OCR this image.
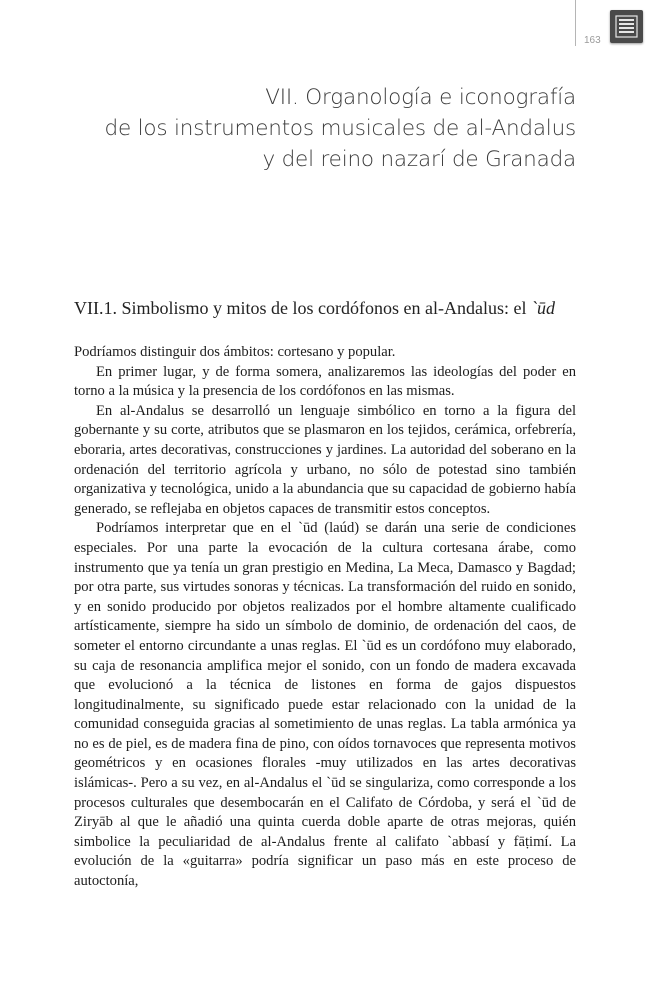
163
VII. Organología e iconografía
de los instrumentos musicales de al-Andalus
y del reino nazarí de Granada
VII.1. Simbolismo y mitos de los cordófonos en al-Andalus: el `ūd

Podríamos distinguir dos ámbitos: cortesano y popular.

En primer lugar, y de forma somera, analizaremos las ideologías del poder en torno a la música y la presencia de los cordófonos en las mismas.

En al-Andalus se desarrolló un lenguaje simbólico en torno a la figura del gobernante y su corte, atributos que se plasmaron en los tejidos, cerámica, orfebrería, eboraria, artes decorativas, construcciones y jardines. La autoridad del soberano en la ordenación del territorio agrícola y urbano, no sólo de potestad sino también organizativa y tecnológica, unido a la abundancia que su capacidad de gobierno había generado, se reflejaba en objetos capaces de transmitir estos conceptos.

Podríamos interpretar que en el `ūd (laúd) se darán una serie de condiciones especiales. Por una parte la evocación de la cultura cortesana árabe, como instrumento que ya tenía un gran prestigio en Medina, La Meca, Damasco y Bagdad; por otra parte, sus virtudes sonoras y técnicas. La transformación del ruido en sonido, y en sonido producido por objetos realizados por el hombre altamente cualificado artísticamente, siempre ha sido un símbolo de dominio, de ordenación del caos, de someter el entorno circundante a unas reglas. El `ūd es un cordófono muy elaborado, su caja de resonancia amplifica mejor el sonido, con un fondo de madera excavada que evolucionó a la técnica de listones en forma de gajos dispuestos longitudinalmente, su significado puede estar relacionado con la unidad de la comunidad conseguida gracias al sometimiento de unas reglas. La tabla armónica ya no es de piel, es de madera fina de pino, con oídos tornavoces que representa motivos geométricos y en ocasiones florales -muy utilizados en las artes decorativas islámicas-. Pero a su vez, en al-Andalus el `ūd se singulariza, como corresponde a los procesos culturales que desembocarán en el Califato de Córdoba, y será el `ūd de Ziryāb al que le añadió una quinta cuerda doble aparte de otras mejoras, quién simbolice la peculiaridad de al-Andalus frente al califato `abbasí y fāṭimí. La evolución de la «guitarra» podría significar un paso más en este proceso de autoctonía,
